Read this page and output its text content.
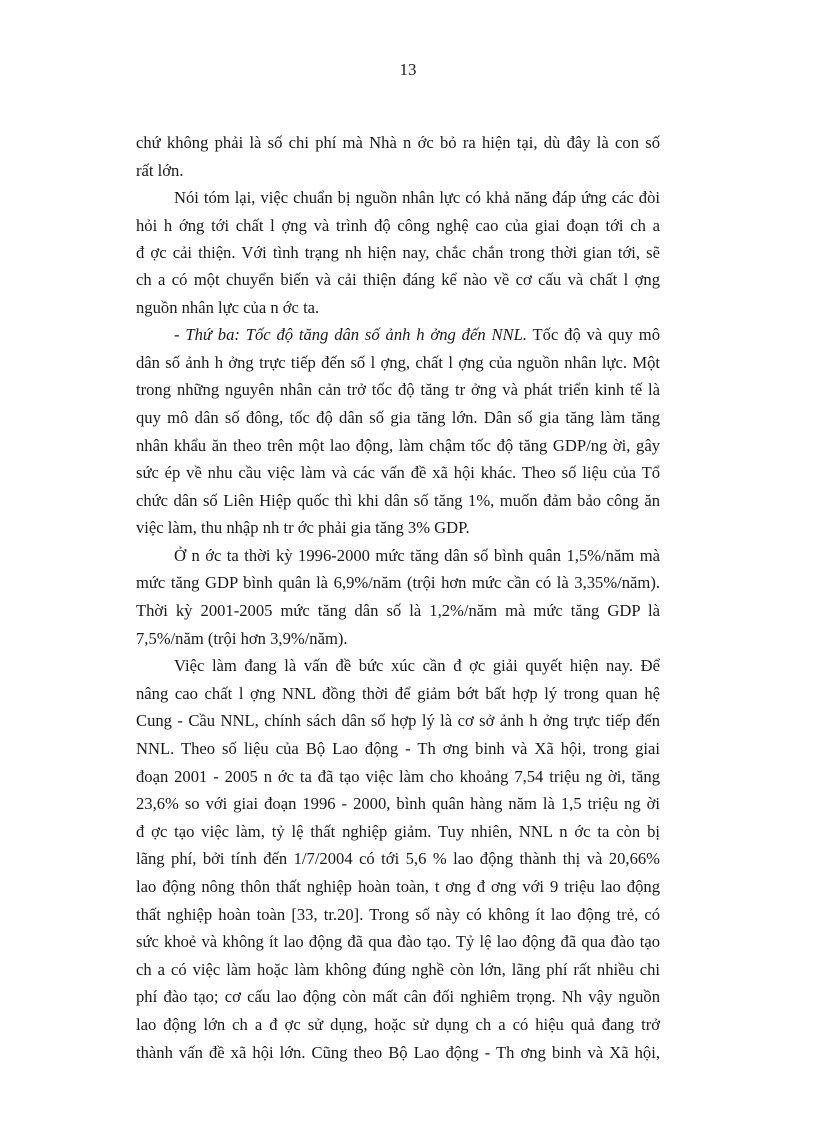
13
chứ không phải là số chi phí mà Nhà n ớc bỏ ra hiện tại, dù đây là con số
rất lớn.
Nói tóm lại, việc chuẩn bị nguồn nhân lực có khả năng đáp ứng các đòi
hỏi h ớng tới chất l ợng và trình độ công nghệ cao của giai đoạn tới ch a
đ ợc cải thiện. Với tình trạng nh hiện nay, chắc chắn trong thời gian tới, sẽ
ch a có một chuyển biến và cải thiện đáng kể nào về cơ cấu và chất l ợng
nguồn nhân lực của n ớc ta.
- Thứ ba: Tốc độ tăng dân số ảnh h ởng đến NNL. Tốc độ và quy mô
dân số ảnh h ởng trực tiếp đến số l ợng, chất l ợng của nguồn nhân lực. Một
trong những nguyên nhân cản trở tốc độ tăng tr ởng và phát triển kinh tế là
quy mô dân số đông, tốc độ dân số gia tăng lớn. Dân số gia tăng làm tăng
nhân khẩu ăn theo trên một lao động, làm chậm tốc độ tăng GDP/ng ời, gây
sức ép về nhu cầu việc làm và các vấn đề xã hội khác. Theo số liệu của Tổ
chức dân số Liên Hiệp quốc thì khi dân số tăng 1%, muốn đảm bảo công ăn
việc làm, thu nhập nh tr ớc phải gia tăng 3% GDP.
Ở n ớc ta thời kỳ 1996-2000 mức tăng dân số bình quân 1,5%/năm mà
mức tăng GDP bình quân là 6,9%/năm (trội hơn mức cần có là 3,35%/năm).
Thời kỳ 2001-2005 mức tăng dân số là 1,2%/năm mà mức tăng GDP là
7,5%/năm (trội hơn 3,9%/năm).
Việc làm đang là vấn đề bức xúc cần đ ợc giải quyết hiện nay. Để
nâng cao chất l ợng NNL đồng thời để giảm bớt bất hợp lý trong quan hệ
Cung - Cầu NNL, chính sách dân số hợp lý là cơ sở ảnh h ởng trực tiếp đến
NNL. Theo số liệu của Bộ Lao động - Th ơng binh và Xã hội, trong giai
đoạn 2001 - 2005 n ớc ta đã tạo việc làm cho khoảng 7,54 triệu ng ời, tăng
23,6% so với giai đoạn 1996 - 2000, bình quân hàng năm là 1,5 triệu ng ời
đ ợc tạo việc làm, tỷ lệ thất nghiệp giảm. Tuy nhiên, NNL n ớc ta còn bị
lãng phí, bởi tính đến 1/7/2004 có tới 5,6 % lao động thành thị và 20,66%
lao động nông thôn thất nghiệp hoàn toàn, t ơng đ ơng với 9 triệu lao động
thất nghiệp hoàn toàn [33, tr.20]. Trong số này có không ít lao động trẻ, có
sức khoẻ và không ít lao động đã qua đào tạo. Tỷ lệ lao động đã qua đào tạo
ch a có việc làm hoặc làm không đúng nghề còn lớn, lãng phí rất nhiều chi
phí đào tạo; cơ cấu lao động còn mất cân đối nghiêm trọng. Nh vậy nguồn
lao động lớn ch a đ ợc sử dụng, hoặc sử dụng ch a có hiệu quả đang trở
thành vấn đề xã hội lớn. Cũng theo Bộ Lao động - Th ơng binh và Xã hội,
